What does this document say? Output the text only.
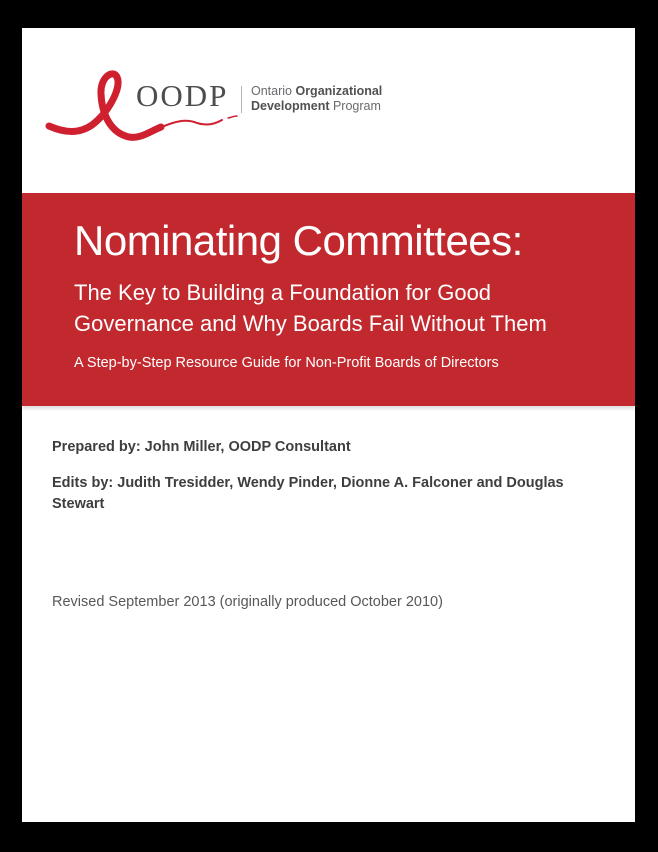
OODP Ontario Organizational
Development Program
Nominating Committees:
The Key to Building a Foundation for Good
Governance and Why Boards Fail Without Them
A Step-by-Step Resource Guide for Non-Profit Boards of Directors

Prepared by: John Miller, OODP Consultant

Edits by: Judith Tresidder, Wendy Pinder, Dionne A. Falconer and Douglas
Stewart

Revised September 2013 (originally produced October 2010)
